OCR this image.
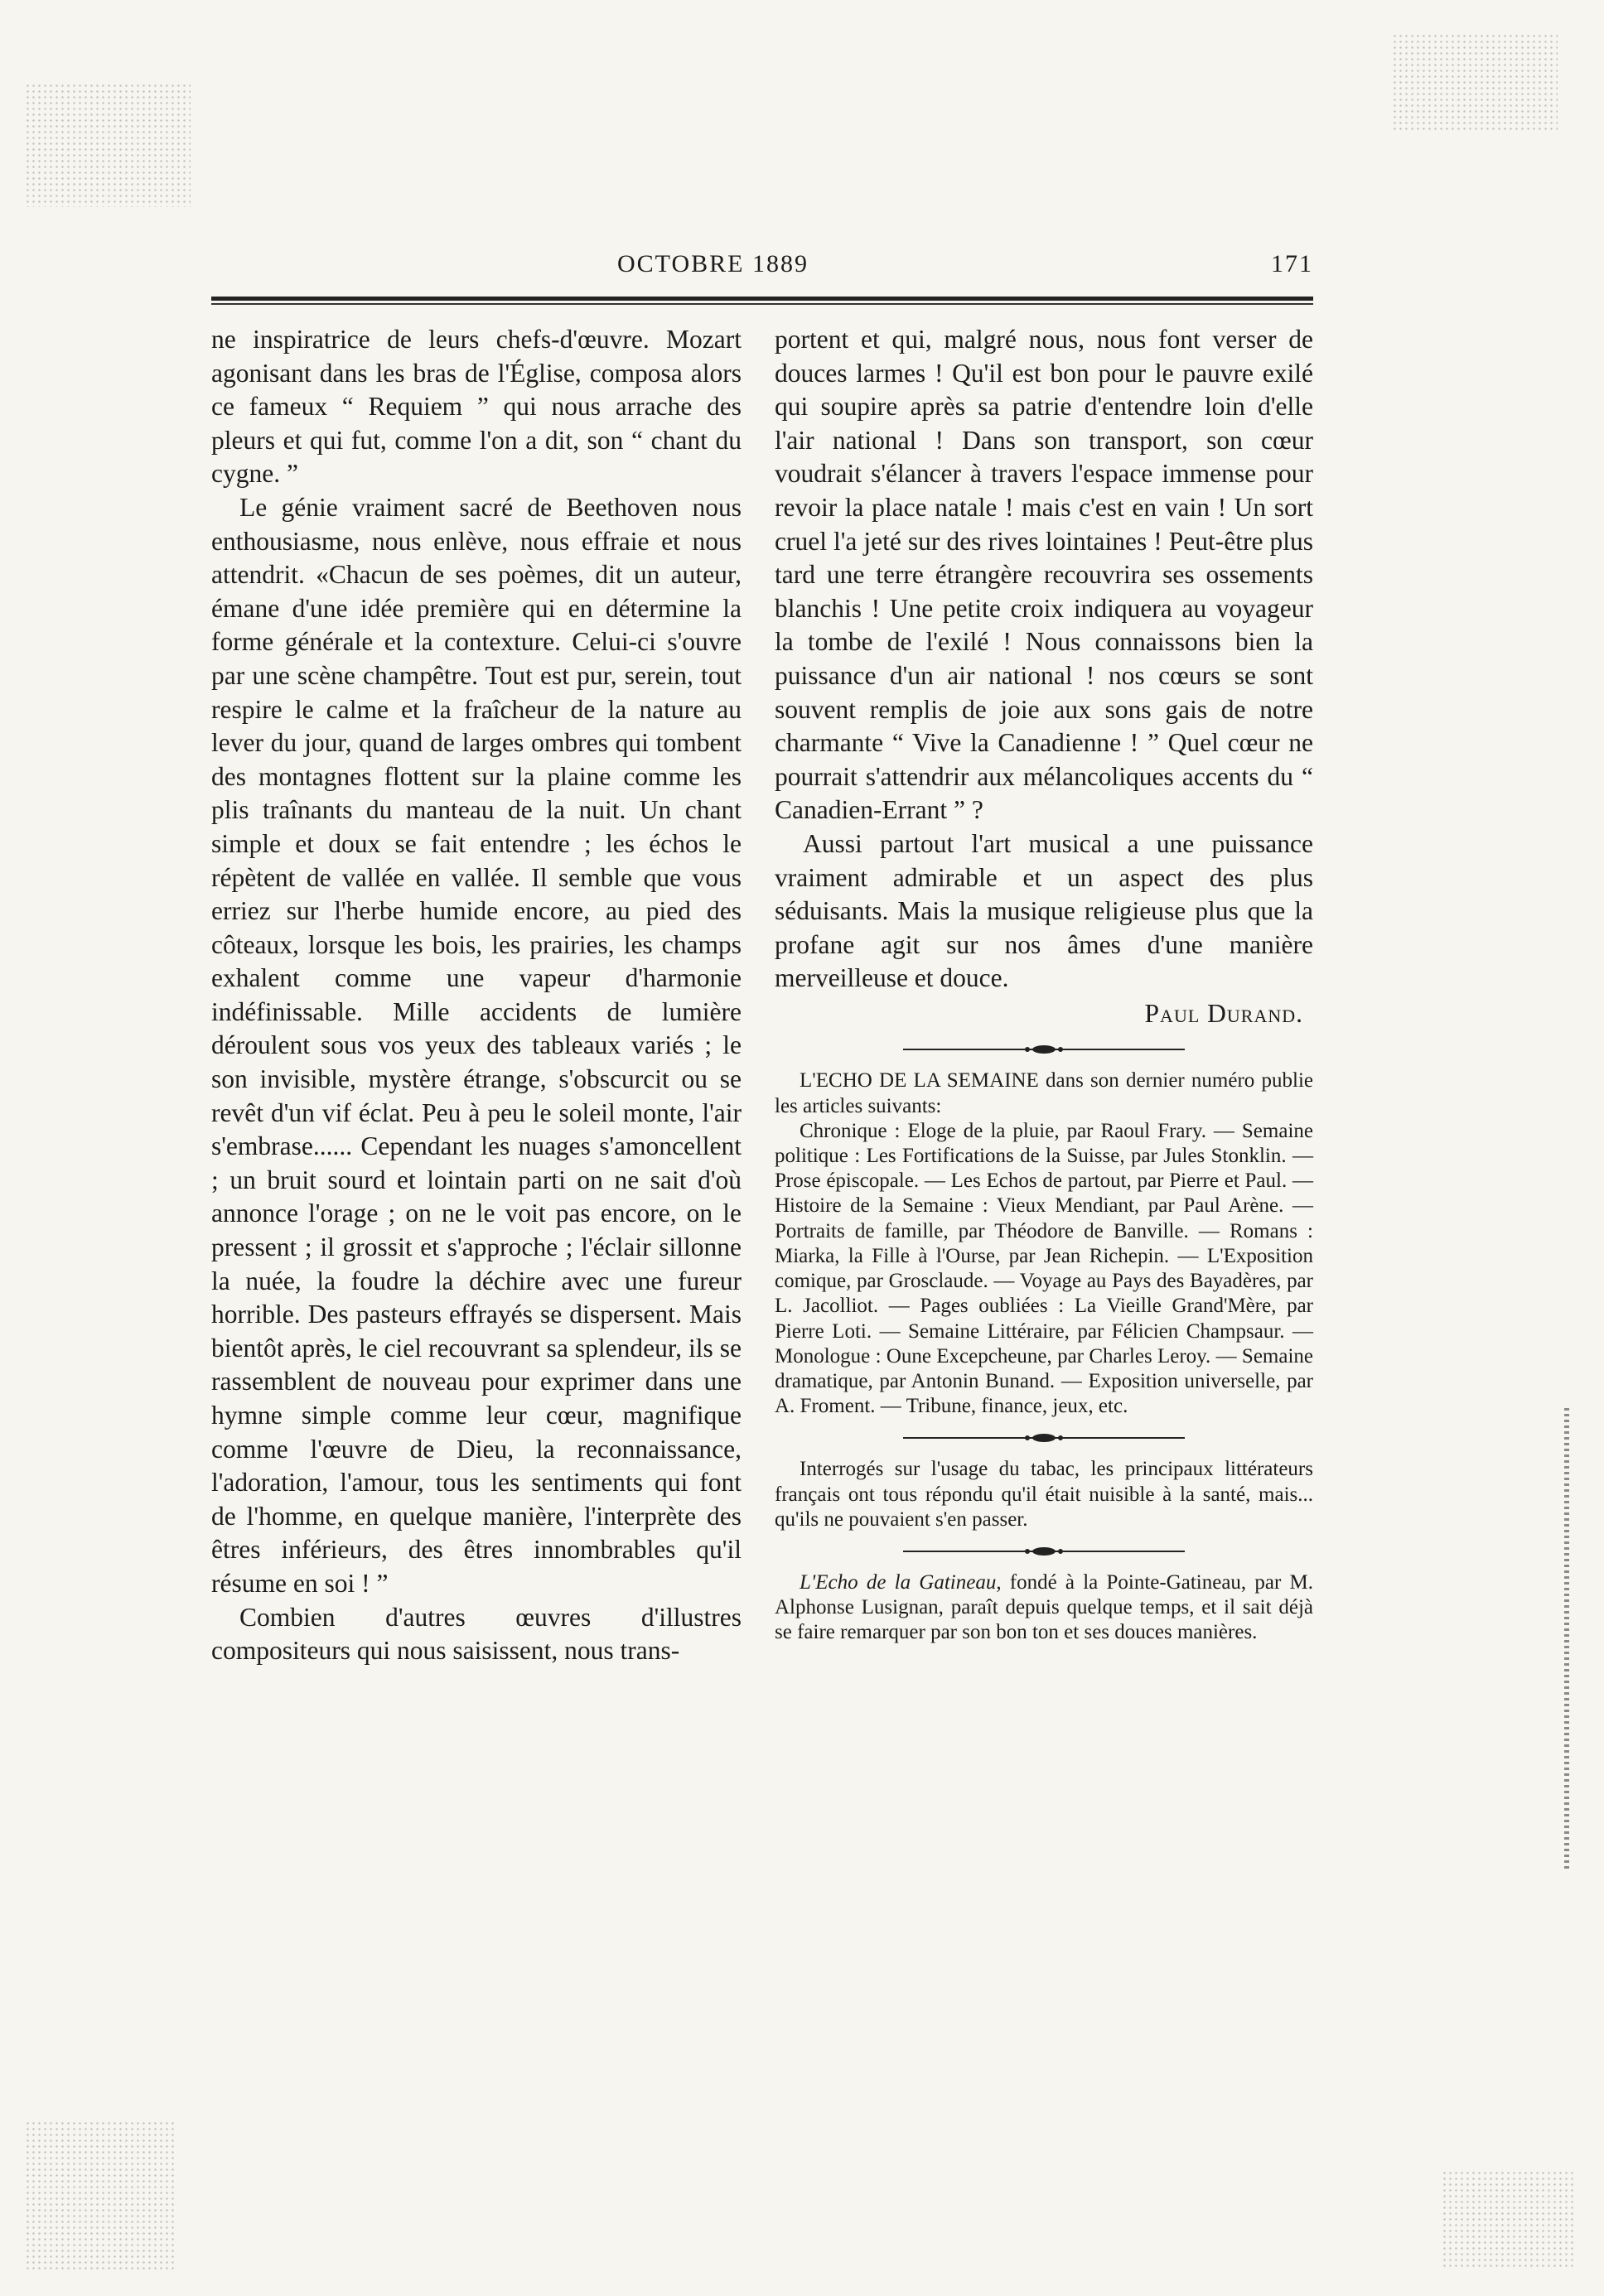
OCTOBRE 1889	171

ne inspiratrice de leurs chefs-d'œuvre. Mozart agonisant dans les bras de l'Église, composa alors ce fameux “ Requiem ” qui nous arrache des pleurs et qui fut, comme l'on a dit, son “ chant du cygne. ”

Le génie vraiment sacré de Beethoven nous enthousiasme, nous enlève, nous effraie et nous attendrit. «Chacun de ses poèmes, dit un auteur, émane d'une idée première qui en détermine la forme générale et la contexture. Celui-ci s'ouvre par une scène champêtre. Tout est pur, serein, tout respire le calme et la fraîcheur de la nature au lever du jour, quand de larges ombres qui tombent des montagnes flottent sur la plaine comme les plis traînants du manteau de la nuit. Un chant simple et doux se fait entendre ; les échos le répètent de vallée en vallée. Il semble que vous erriez sur l'herbe humide encore, au pied des côteaux, lorsque les bois, les prairies, les champs exhalent comme une vapeur d'harmonie indéfinissable. Mille accidents de lumière déroulent sous vos yeux des tableaux variés ; le son invisible, mystère étrange, s'obscurcit ou se revêt d'un vif éclat. Peu à peu le soleil monte, l'air s'embrase...... Cependant les nuages s'amoncellent ; un bruit sourd et lointain parti on ne sait d'où annonce l'orage ; on ne le voit pas encore, on le pressent ; il grossit et s'approche ; l'éclair sillonne la nuée, la foudre la déchire avec une fureur horrible. Des pasteurs effrayés se dispersent. Mais bientôt après, le ciel recouvrant sa splendeur, ils se rassemblent de nouveau pour exprimer dans une hymne simple comme leur cœur, magnifique comme l'œuvre de Dieu, la reconnaissance, l'adoration, l'amour, tous les sentiments qui font de l'homme, en quelque manière, l'interprète des êtres inférieurs, des êtres innombrables qu'il résume en soi ! ”

Combien d'autres œuvres d'illustres compositeurs qui nous saisissent, nous trans-

portent et qui, malgré nous, nous font verser de douces larmes ! Qu'il est bon pour le pauvre exilé qui soupire après sa patrie d'entendre loin d'elle l'air national ! Dans son transport, son cœur voudrait s'élancer à travers l'espace immense pour revoir la place natale ! mais c'est en vain ! Un sort cruel l'a jeté sur des rives lointaines ! Peut-être plus tard une terre étrangère recouvrira ses ossements blanchis ! Une petite croix indiquera au voyageur la tombe de l'exilé ! Nous connaissons bien la puissance d'un air national ! nos cœurs se sont souvent remplis de joie aux sons gais de notre charmante “ Vive la Canadienne ! ” Quel cœur ne pourrait s'attendrir aux mélancoliques accents du “ Canadien-Errant ” ?

Aussi partout l'art musical a une puissance vraiment admirable et un aspect des plus séduisants. Mais la musique religieuse plus que la profane agit sur nos âmes d'une manière merveilleuse et douce.

Paul Durand.

L'ECHO DE LA SEMAINE dans son dernier numéro publie les articles suivants:

Chronique : Eloge de la pluie, par Raoul Frary. — Semaine politique : Les Fortifications de la Suisse, par Jules Stonklin. — Prose épiscopale. — Les Echos de partout, par Pierre et Paul. — Histoire de la Semaine : Vieux Mendiant, par Paul Arène. — Portraits de famille, par Théodore de Banville. — Romans : Miarka, la Fille à l'Ourse, par Jean Richepin. — L'Exposition comique, par Grosclaude. — Voyage au Pays des Bayadères, par L. Jacolliot. — Pages oubliées : La Vieille Grand'Mère, par Pierre Loti. — Semaine Littéraire, par Félicien Champsaur. — Monologue : Oune Excepcheune, par Charles Leroy. — Semaine dramatique, par Antonin Bunand. — Exposition universelle, par A. Froment. — Tribune, finance, jeux, etc.

Interrogés sur l'usage du tabac, les principaux littérateurs français ont tous répondu qu'il était nuisible à la santé, mais... qu'ils ne pouvaient s'en passer.

L'Echo de la Gatineau, fondé à la Pointe-Gatineau, par M. Alphonse Lusignan, paraît depuis quelque temps, et il sait déjà se faire remarquer par son bon ton et ses douces manières.
